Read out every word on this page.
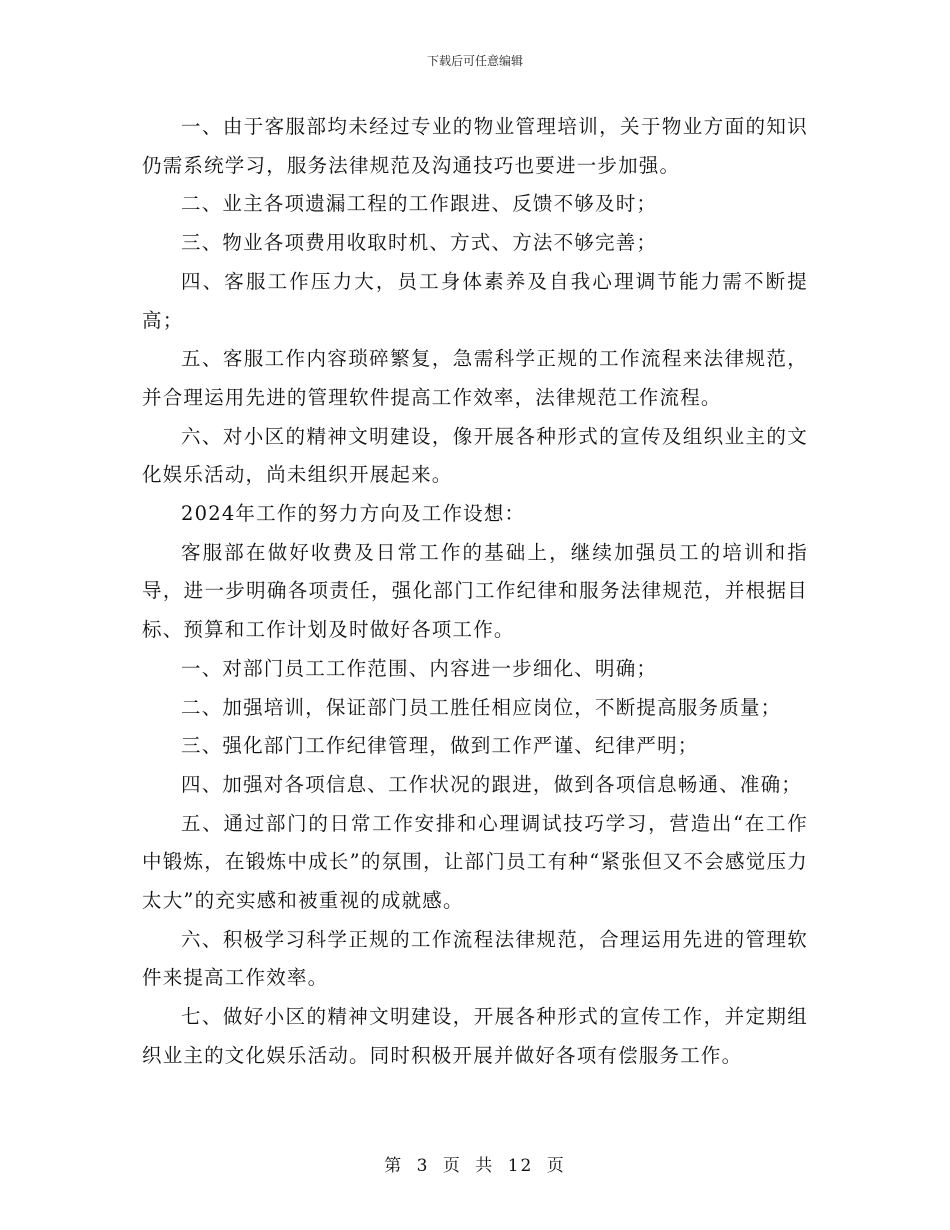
下载后可任意编辑

一、由于客服部均未经过专业的物业管理培训，关于物业方面的知识仍需系统学习，服务法律规范及沟通技巧也要进一步加强。

二、业主各项遗漏工程的工作跟进、反馈不够及时；

三、物业各项费用收取时机、方式、方法不够完善；

四、客服工作压力大，员工身体素养及自我心理调节能力需不断提高；

五、客服工作内容琐碎繁复，急需科学正规的工作流程来法律规范，并合理运用先进的管理软件提高工作效率，法律规范工作流程。

六、对小区的精神文明建设，像开展各种形式的宣传及组织业主的文化娱乐活动，尚未组织开展起来。

2024年工作的努力方向及工作设想：

客服部在做好收费及日常工作的基础上，继续加强员工的培训和指导，进一步明确各项责任，强化部门工作纪律和服务法律规范，并根据目标、预算和工作计划及时做好各项工作。

一、对部门员工工作范围、内容进一步细化、明确；

二、加强培训，保证部门员工胜任相应岗位，不断提高服务质量；

三、强化部门工作纪律管理，做到工作严谨、纪律严明；

四、加强对各项信息、工作状况的跟进，做到各项信息畅通、准确；

五、通过部门的日常工作安排和心理调试技巧学习，营造出“在工作中锻炼，在锻炼中成长”的氛围，让部门员工有种“紧张但又不会感觉压力太大”的充实感和被重视的成就感。

六、积极学习科学正规的工作流程法律规范，合理运用先进的管理软件来提高工作效率。

七、做好小区的精神文明建设，开展各种形式的宣传工作，并定期组织业主的文化娱乐活动。同时积极开展并做好各项有偿服务工作。

第 3 页 共 12 页
